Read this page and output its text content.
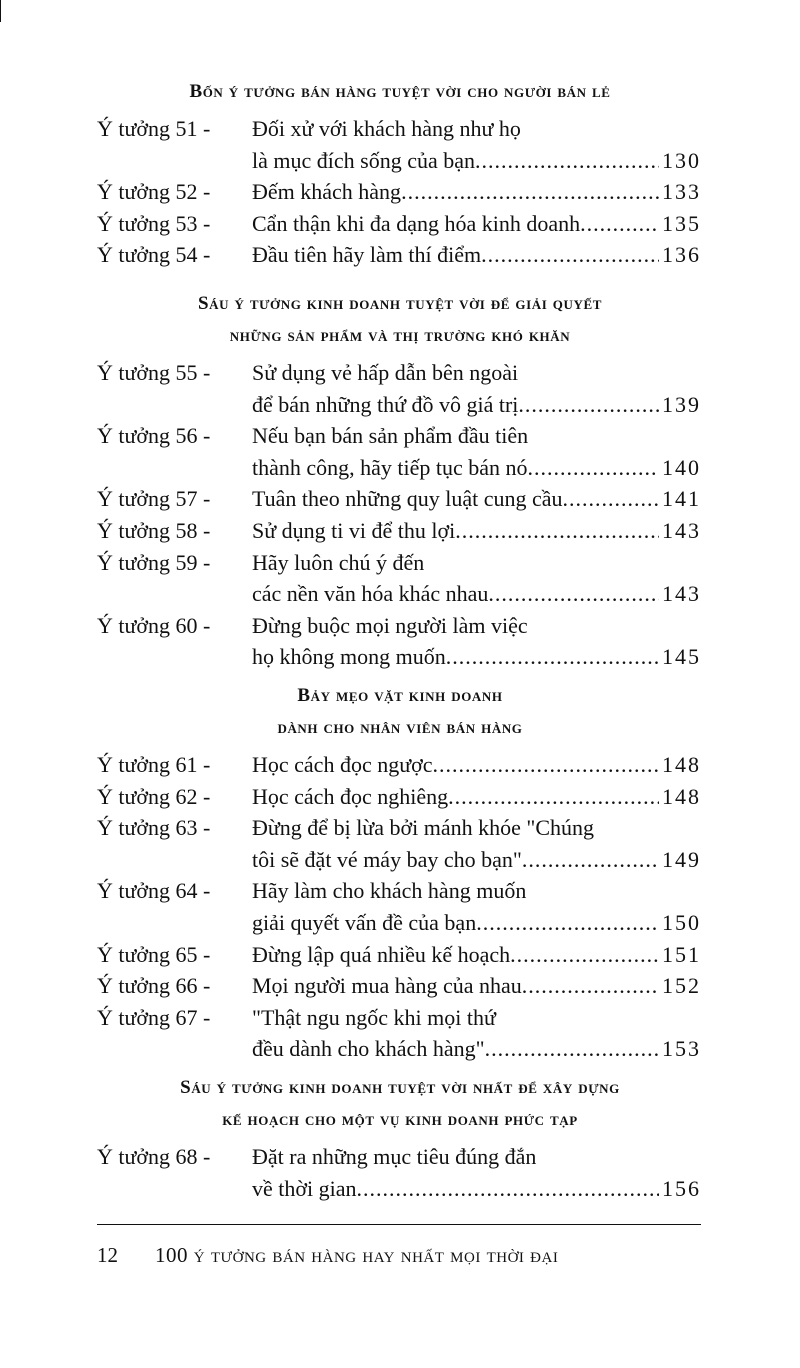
Bốn ý tưởng bán hàng tuyệt vời cho người bán lẻ
Ý tưởng 51 - Đối xử với khách hàng như họ
là mục đích sống của bạn .....	130
Ý tưởng 52 - Đếm khách hàng .....	133
Ý tưởng 53 - Cẩn thận khi đa dạng hóa kinh doanh .....	135
Ý tưởng 54 - Đầu tiên hãy làm thí điểm .....	136
Sáu ý tưởng kinh doanh tuyệt vời để giải quyết
những sản phẩm và thị trường khó khăn
Ý tưởng 55 - Sử dụng vẻ hấp dẫn bên ngoài
để bán những thứ đồ vô giá trị .....	139
Ý tưởng 56 - Nếu bạn bán sản phẩm đầu tiên
thành công, hãy tiếp tục bán nó .....	140
Ý tưởng 57 - Tuân theo những quy luật cung cầu .....	141
Ý tưởng 58 - Sử dụng ti vi để thu lợi .....	143
Ý tưởng 59 - Hãy luôn chú ý đến
các nền văn hóa khác nhau .....	143
Ý tưởng 60 - Đừng buộc mọi người làm việc
họ không mong muốn .....	145
Bảy mẹo vặt kinh doanh
dành cho nhân viên bán hàng
Ý tưởng 61 - Học cách đọc ngược .....	148
Ý tưởng 62 - Học cách đọc nghiêng .....	148
Ý tưởng 63 - Đừng để bị lừa bởi mánh khóe "Chúng
tôi sẽ đặt vé máy bay cho bạn" .....	149
Ý tưởng 64 - Hãy làm cho khách hàng muốn
giải quyết vấn đề của bạn .....	150
Ý tưởng 65 - Đừng lập quá nhiều kế hoạch .....	151
Ý tưởng 66 - Mọi người mua hàng của nhau .....	152
Ý tưởng 67 - "Thật ngu ngốc khi mọi thứ
đều dành cho khách hàng" .....	153
Sáu ý tưởng kinh doanh tuyệt vời nhất để xây dựng
kế hoạch cho một vụ kinh doanh phức tạp
Ý tưởng 68 - Đặt ra những mục tiêu đúng đắn
về thời gian .....	156
12 100 ý tưởng bán hàng hay nhất mọi thời đại
